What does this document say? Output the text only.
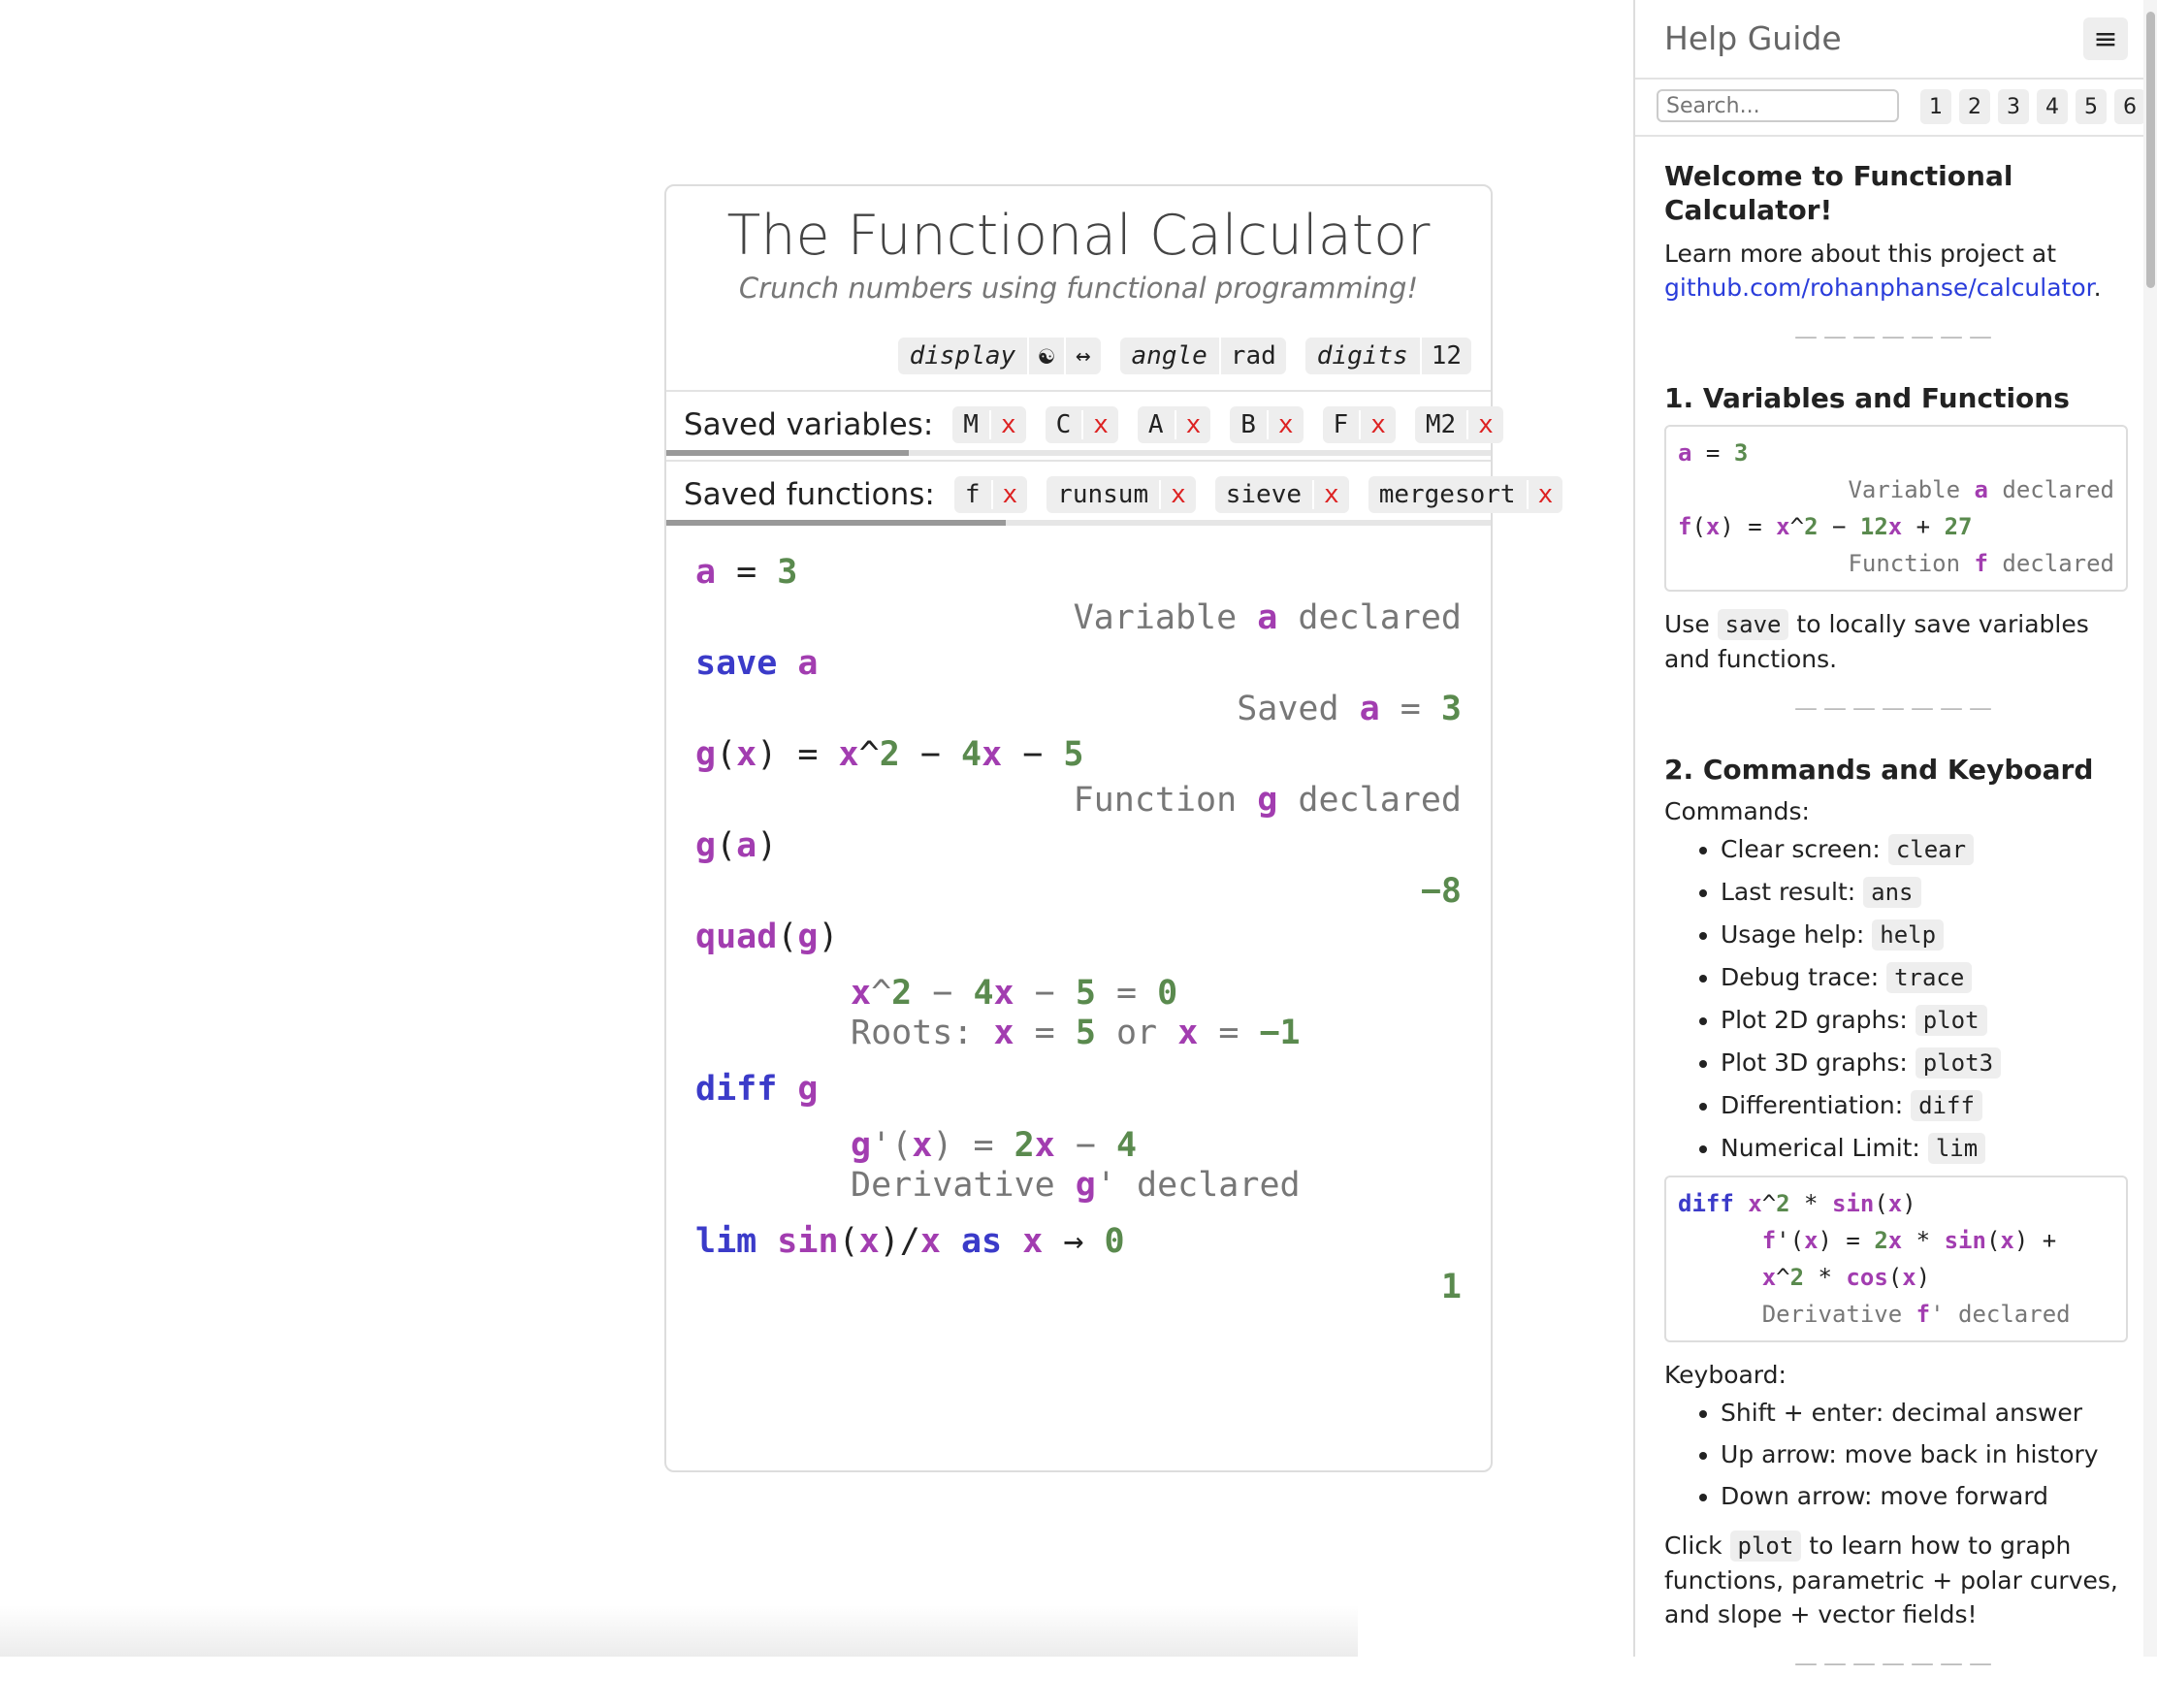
The Functional Calculator
Crunch numbers using functional programming!
display ☯ ↔	angle rad	digits 12
Saved variables:	M x	C x	A x	B x	F x	M2 x
Saved functions:	f x	runsum x	sieve x	mergesort x
a = 3
Variable a declared
save a
Saved a = 3
g(x) = x^2 − 4x − 5
Function g declared
g(a)
−8
quad(g)
x^2 − 4x − 5 = 0
Roots: x = 5 or x = −1
diff g
g'(x) = 2x − 4
Derivative g' declared
lim sin(x)/x as x → 0
1
Help Guide	≡
Search...
1	2	3	4	5	6

Welcome to Functional Calculator!

Learn more about this project at github.com/rohanphanse/calculator.
———————

1. Variables and Functions

a = 3

Variable a declared
f(x) = x^2 − 12x + 27

Function f declared
Use save to locally save variables and functions.
———————

2. Commands and Keyboard

Commands:
• Clear screen: clear
• Last result: ans
• Usage help: help
• Debug trace: trace
• Plot 2D graphs: plot
• Plot 3D graphs: plot3
• Differentiation: diff
• Numerical Limit: lim
diff x^2 * sin(x)
f'(x) = 2x * sin(x) +
x^2 * cos(x)
Derivative f' declared
Keyboard:
• Shift + enter: decimal answer
• Up arrow: move back in history
• Down arrow: move forward
Click plot to learn how to graph functions, parametric + polar curves, and slope + vector fields!
———————
